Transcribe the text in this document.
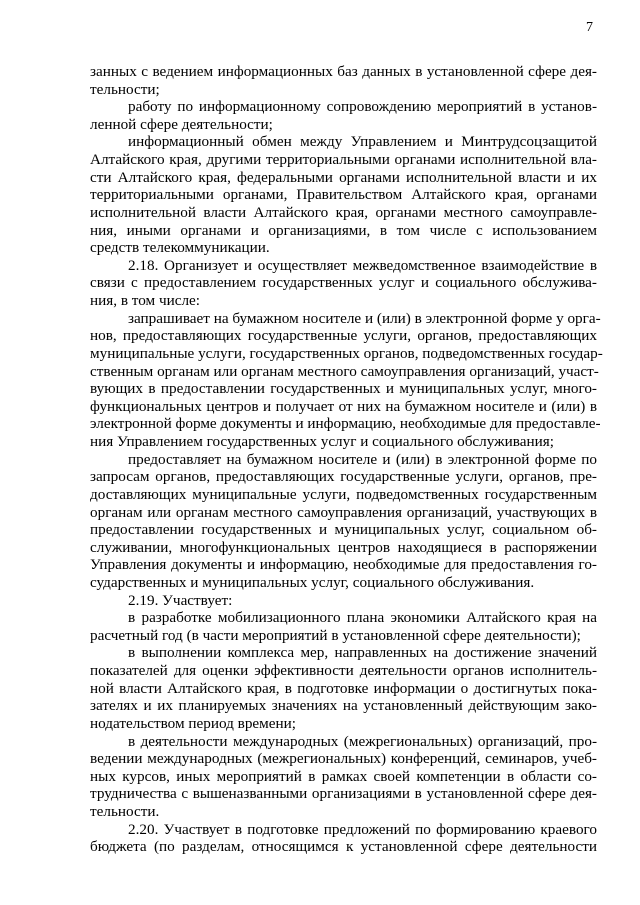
7
занных с ведением информационных баз данных в установленной сфере дея-
тельности;
работу по информационному сопровождению мероприятий в установ-
ленной сфере деятельности;
информационный обмен между Управлением и Минтрудсоцзащитой
Алтайского края, другими территориальными органами исполнительной вла-
сти Алтайского края, федеральными органами исполнительной власти и их
территориальными органами, Правительством Алтайского края, органами
исполнительной власти Алтайского края, органами местного самоуправле-
ния, иными органами и организациями, в том числе с использованием
средств телекоммуникации.
2.18. Организует и осуществляет межведомственное взаимодействие в
связи с предоставлением государственных услуг и социального обслужива-
ния, в том числе:
запрашивает на бумажном носителе и (или) в электронной форме у орга-
нов, предоставляющих государственные услуги, органов, предоставляющих
муниципальные услуги, государственных органов, подведомственных государ-
ственным органам или органам местного самоуправления организаций, участ-
вующих в предоставлении государственных и муниципальных услуг, много-
функциональных центров и получает от них на бумажном носителе и (или) в
электронной форме документы и информацию, необходимые для предоставле-
ния Управлением государственных услуг и социального обслуживания;
предоставляет на бумажном носителе и (или) в электронной форме по
запросам органов, предоставляющих государственные услуги, органов, пре-
доставляющих муниципальные услуги, подведомственных государственным
органам или органам местного самоуправления организаций, участвующих в
предоставлении государственных и муниципальных услуг, социальном об-
служивании, многофункциональных центров находящиеся в распоряжении
Управления документы и информацию, необходимые для предоставления го-
сударственных и муниципальных услуг, социального обслуживания.
2.19. Участвует:
в разработке мобилизационного плана экономики Алтайского края на
расчетный год (в части мероприятий в установленной сфере деятельности);
в выполнении комплекса мер, направленных на достижение значений
показателей для оценки эффективности деятельности органов исполнитель-
ной власти Алтайского края, в подготовке информации о достигнутых пока-
зателях и их планируемых значениях на установленный действующим зако-
нодательством период времени;
в деятельности международных (межрегиональных) организаций, про-
ведении международных (межрегиональных) конференций, семинаров, учеб-
ных курсов, иных мероприятий в рамках своей компетенции в области со-
трудничества с вышеназванными организациями в установленной сфере дея-
тельности.
2.20. Участвует в подготовке предложений по формированию краевого
бюджета (по разделам, относящимся к установленной сфере деятельности
